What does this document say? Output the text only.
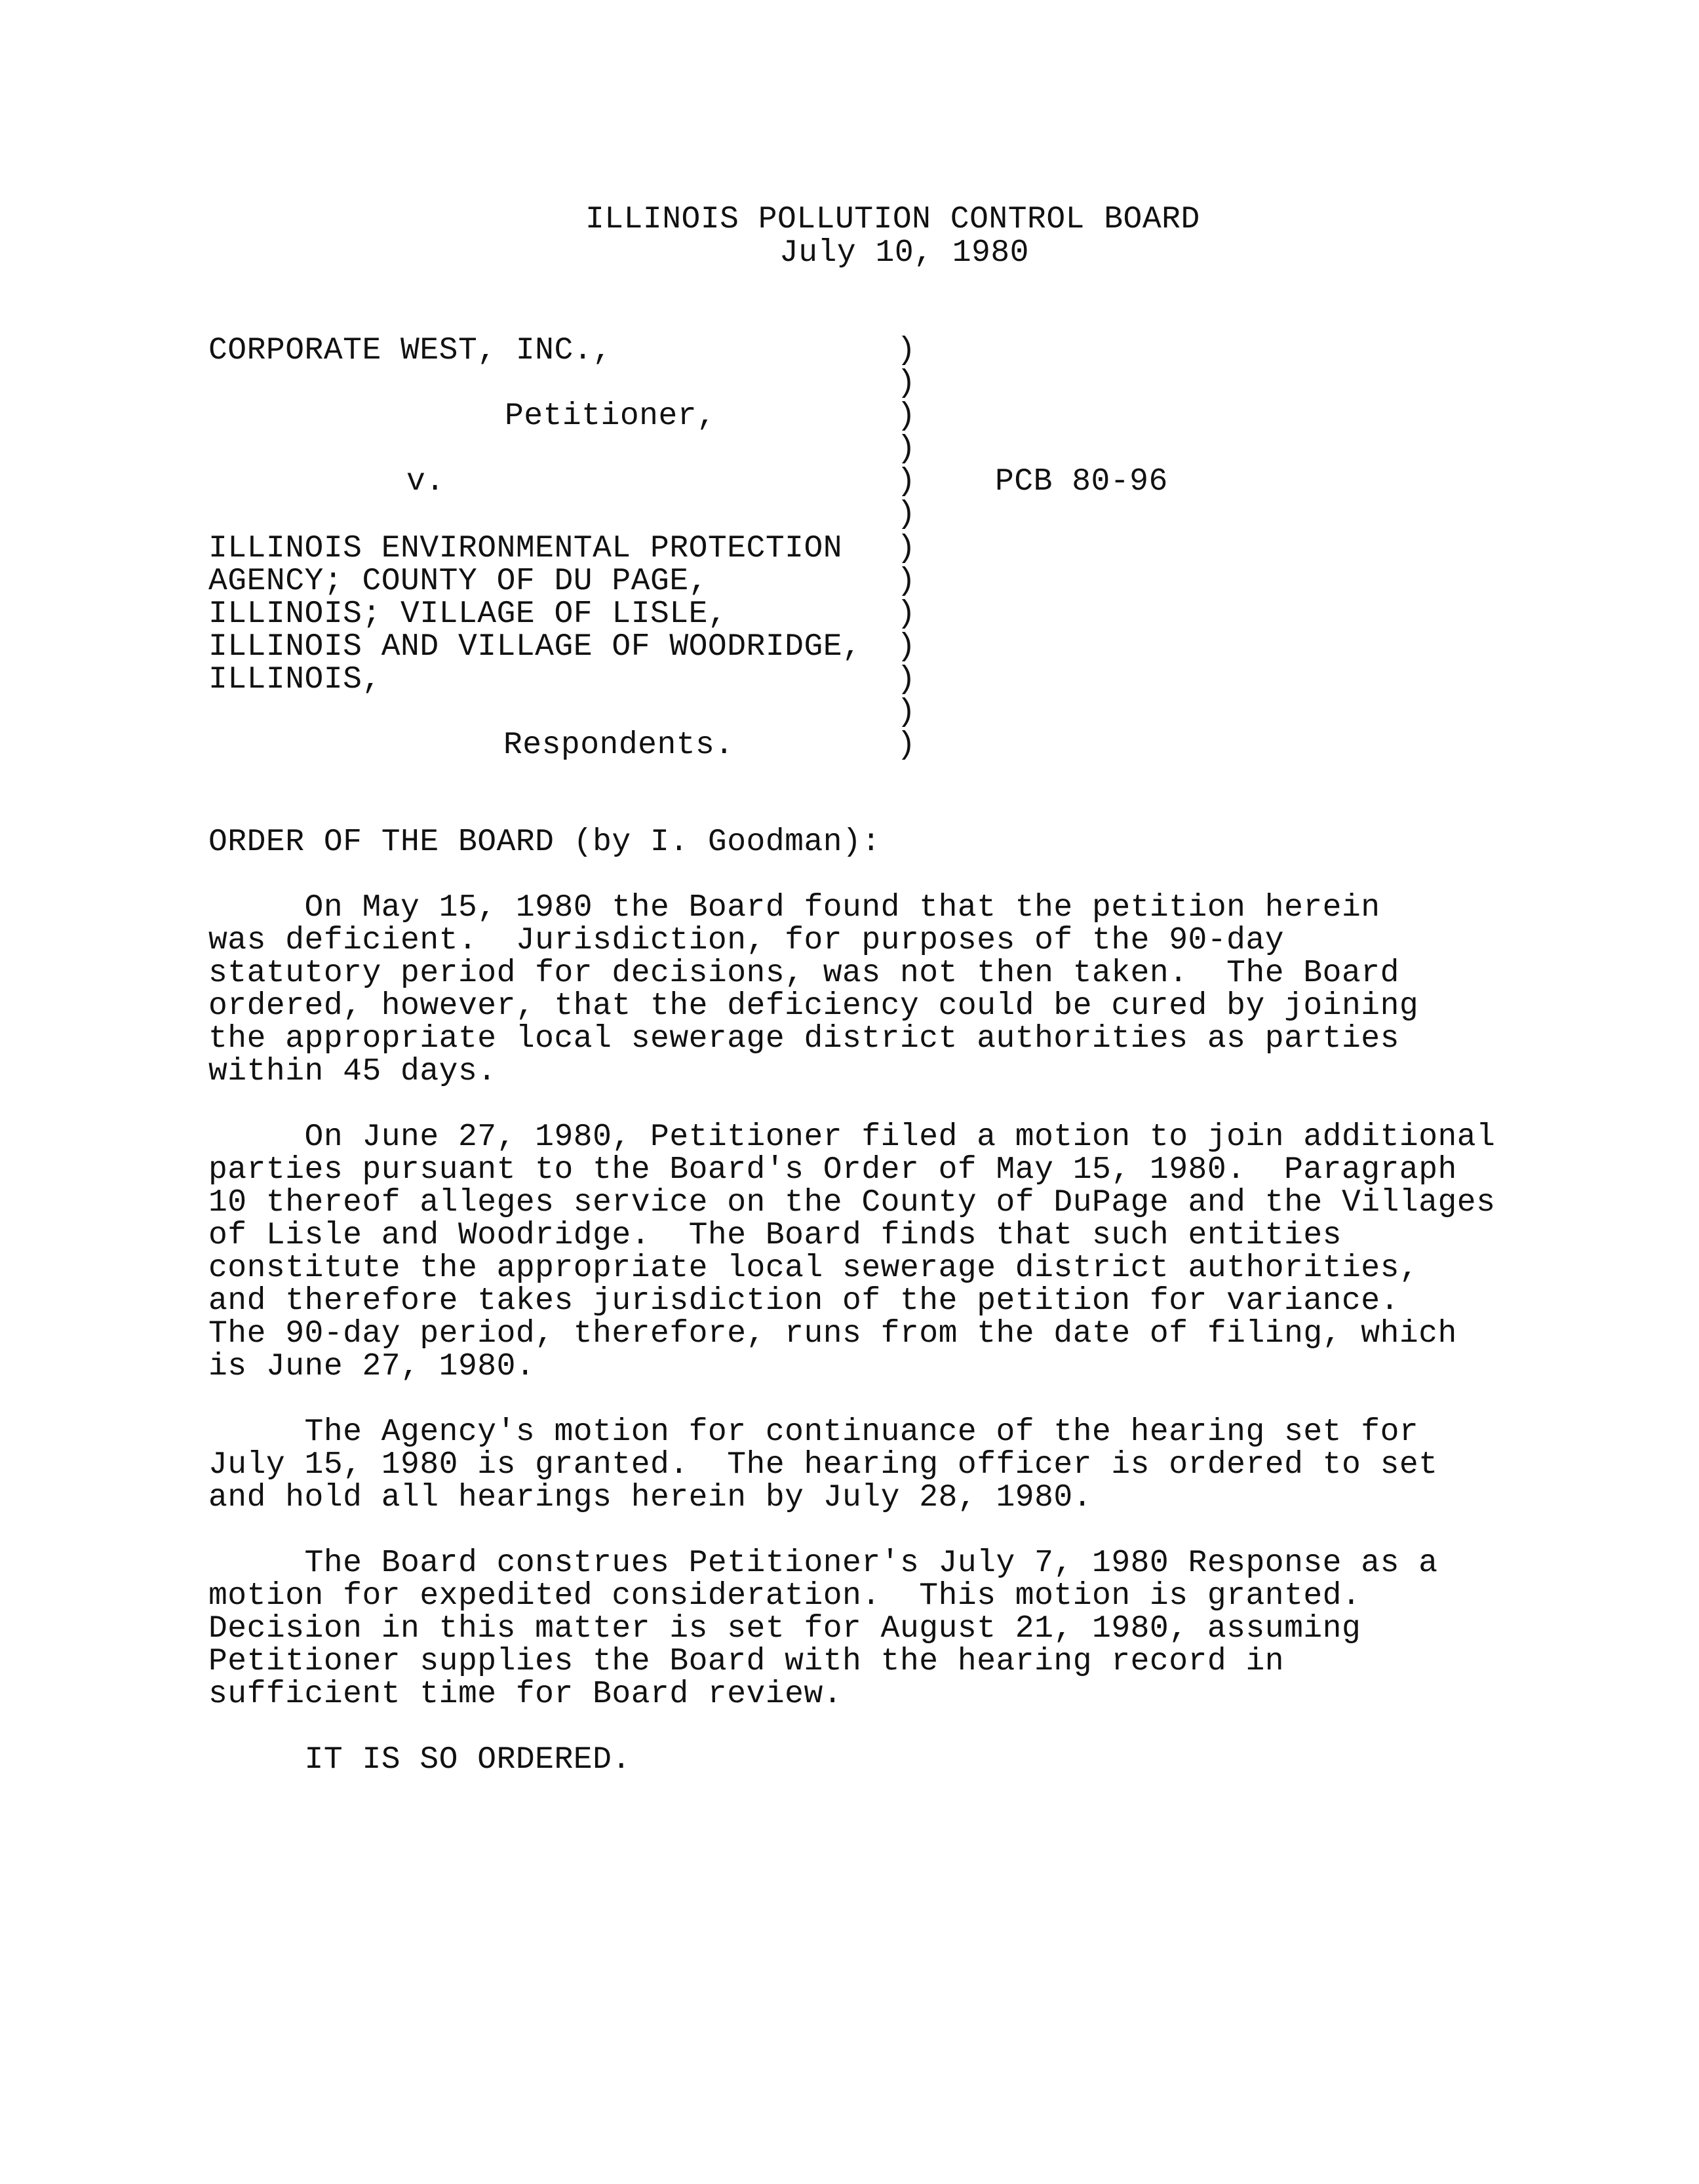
ILLINOIS POLLUTION CONTROL BOARD
July 10, 1980
CORPORATE WEST, INC.,
Petitioner,
v.
ILLINOIS ENVIRONMENTAL PROTECTION
AGENCY; COUNTY OF DU PAGE,
ILLINOIS; VILLAGE OF LISLE,
ILLINOIS AND VILLAGE OF WOODRIDGE,
ILLINOIS,
Respondents.
)
)
)
)
)
)
)
)
)
)
)
)
)
PCB 80-96
ORDER OF THE BOARD (by I. Goodman):
On May 15, 1980 the Board found that the petition herein
was deficient.  Jurisdiction, for purposes of the 90-day
statutory period for decisions, was not then taken.  The Board
ordered, however, that the deficiency could be cured by joining
the appropriate local sewerage district authorities as parties
within 45 days.
On June 27, 1980, Petitioner filed a motion to join additional
parties pursuant to the Board's Order of May 15, 1980.  Paragraph
10 thereof alleges service on the County of DuPage and the Villages
of Lisle and Woodridge.  The Board finds that such entities
constitute the appropriate local sewerage district authorities,
and therefore takes jurisdiction of the petition for variance.
The 90-day period, therefore, runs from the date of filing, which
is June 27, 1980.
The Agency's motion for continuance of the hearing set for
July 15, 1980 is granted.  The hearing officer is ordered to set
and hold all hearings herein by July 28, 1980.
The Board construes Petitioner's July 7, 1980 Response as a
motion for expedited consideration.  This motion is granted.
Decision in this matter is set for August 21, 1980, assuming
Petitioner supplies the Board with the hearing record in
sufficient time for Board review.
IT IS SO ORDERED.
